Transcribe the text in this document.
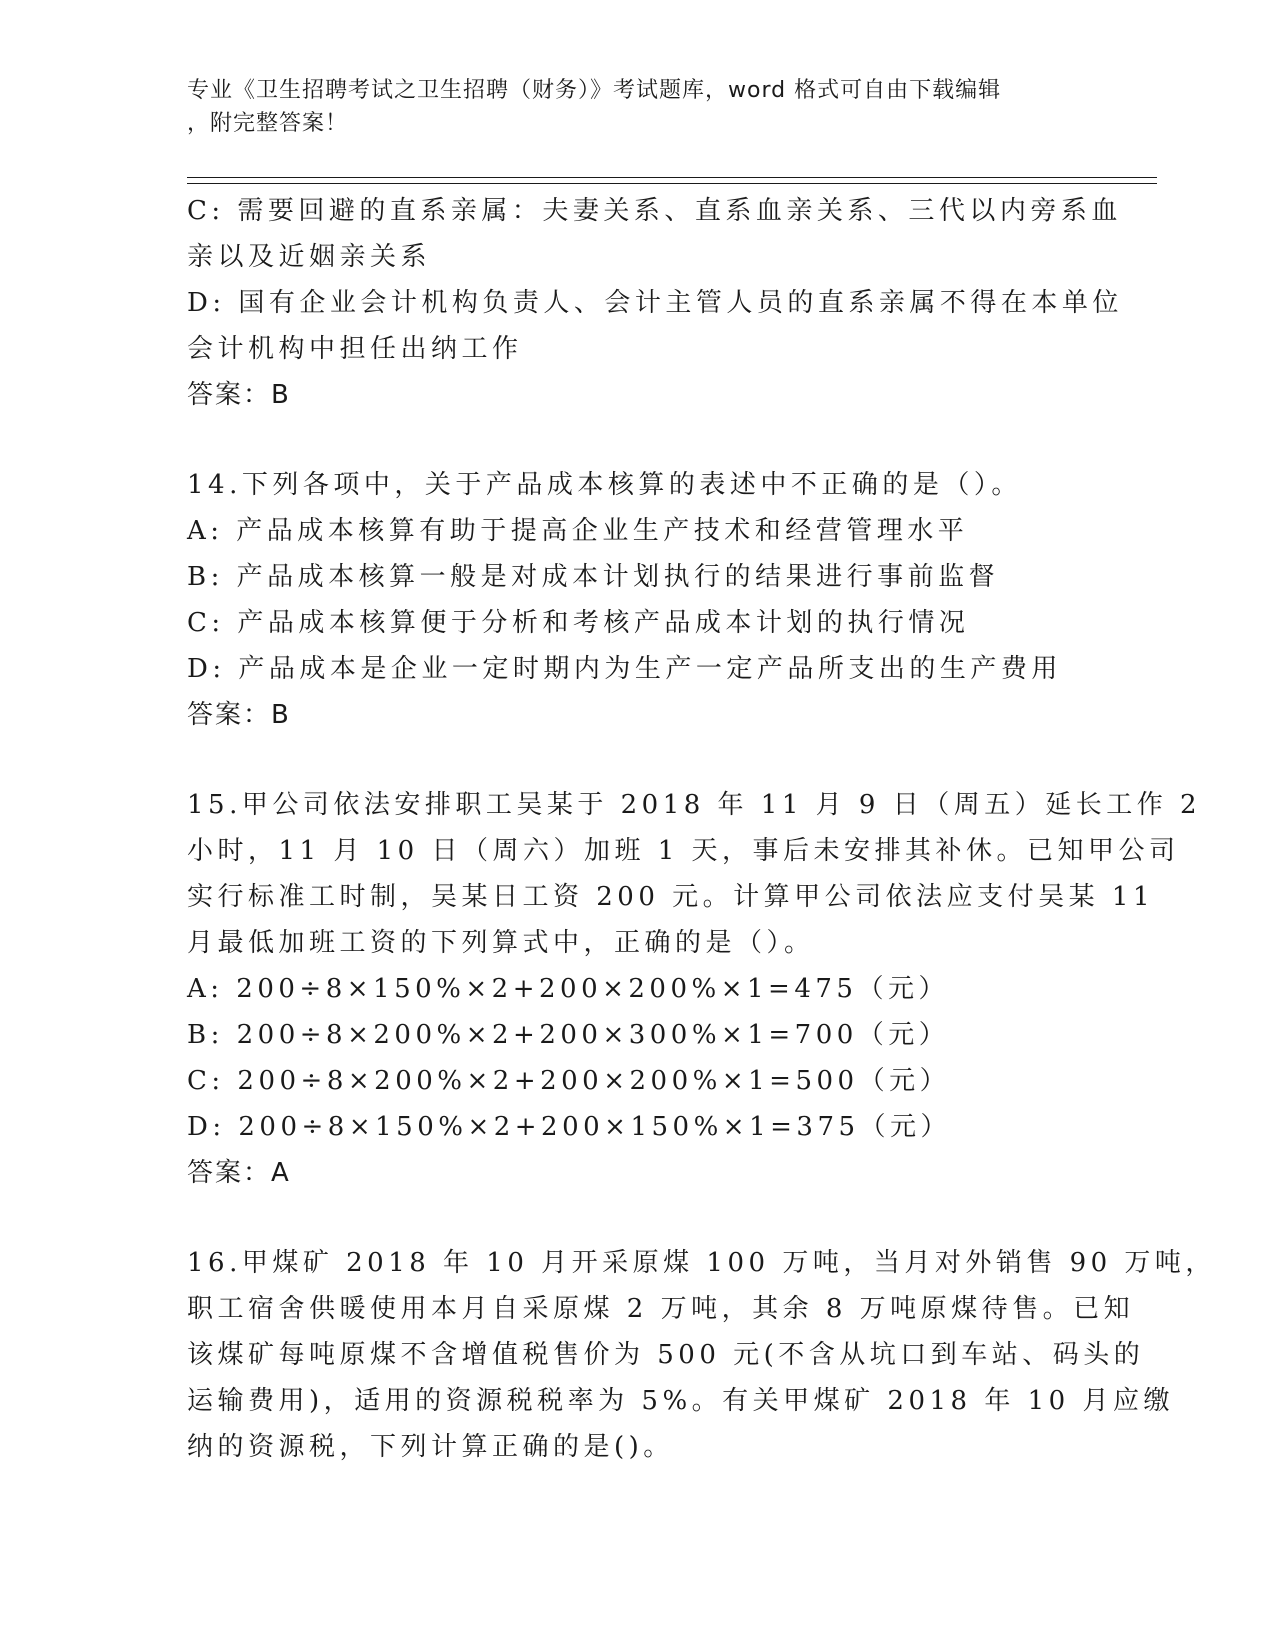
专业《卫生招聘考试之卫生招聘（财务）》考试题库，word 格式可自由下载编辑
，附完整答案！
C: 需要回避的直系亲属：夫妻关系、直系血亲关系、三代以内旁系血
亲以及近姻亲关系
D: 国有企业会计机构负责人、会计主管人员的直系亲属不得在本单位
会计机构中担任出纳工作
答案：B
14.下列各项中，关于产品成本核算的表述中不正确的是（）。
A: 产品成本核算有助于提高企业生产技术和经营管理水平
B: 产品成本核算一般是对成本计划执行的结果进行事前监督
C: 产品成本核算便于分析和考核产品成本计划的执行情况
D: 产品成本是企业一定时期内为生产一定产品所支出的生产费用
答案：B
15.甲公司依法安排职工吴某于 2018 年 11 月 9 日（周五）延长工作 2
小时，11 月 10 日（周六）加班 1 天，事后未安排其补休。已知甲公司
实行标准工时制，吴某日工资 200 元。计算甲公司依法应支付吴某 11
月最低加班工资的下列算式中，正确的是（）。
A: 200÷8×150%×2+200×200%×1=475（元）
B: 200÷8×200%×2+200×300%×1=700（元）
C: 200÷8×200%×2+200×200%×1=500（元）
D: 200÷8×150%×2+200×150%×1=375（元）
答案：A
16.甲煤矿 2018 年 10 月开采原煤 100 万吨，当月对外销售 90 万吨，
职工宿舍供暖使用本月自采原煤 2 万吨，其余 8 万吨原煤待售。已知
该煤矿每吨原煤不含增值税售价为 500 元(不含从坑口到车站、码头的
运输费用)，适用的资源税税率为 5%。有关甲煤矿 2018 年 10 月应缴
纳的资源税，下列计算正确的是()。
